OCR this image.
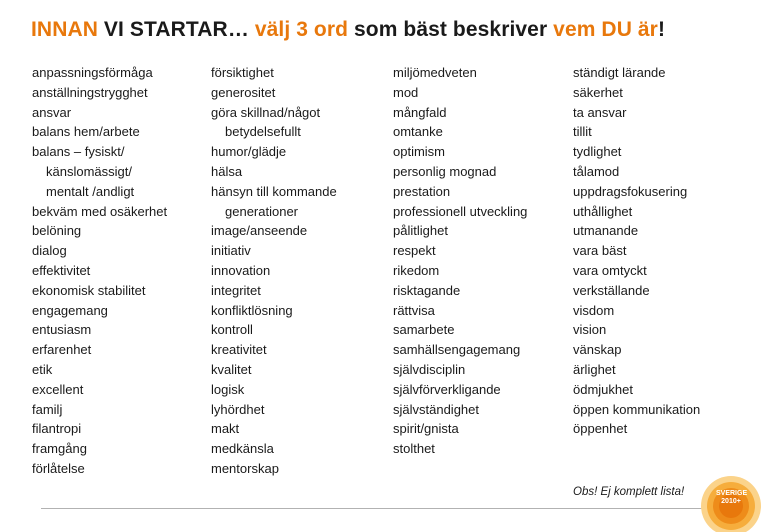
INNAN VI STARTAR… välj 3 ord som bäst beskriver vem DU är!
anpassningsförmåga
anställningstrygghet
ansvar
balans hem/arbete
balans – fysiskt/
känslomässigt/
mentalt /andligt
bekväm med osäkerhet
belöning
dialog
effektivitet
ekonomisk stabilitet
engagemang
entusiasm
erfarenhet
etik
excellent
familj
filantropi
framgång
förlåtelse
försiktighet
generositet
göra skillnad/något
betydelsefullt
humor/glädje
hälsa
hänsyn till kommande
generationer
image/anseende
initiativ
innovation
integritet
konfliktlösning
kontroll
kreativitet
kvalitet
logisk
lyhördhet
makt
medkänsla
mentorskap
miljömedveten
mod
mångfald
omtanke
optimism
personlig mognad
prestation
professionell utveckling
pålitlighet
respekt
rikedom
risktagande
rättvisa
samarbete
samhällsengagemang
självdisciplin
självförverkligande
självständighet
spirit/gnista
stolthet
ständigt lärande
säkerhet
ta ansvar
tillit
tydlighet
tålamod
uppdragsfokusering
uthållighet
utmanande
vara bäst
vara omtyckt
verkställande
visdom
vision
vänskap
ärlighet
ödmjukhet
öppen kommunikation
öppenhet
Obs! Ej komplett lista!	SVERIGE
2010+
